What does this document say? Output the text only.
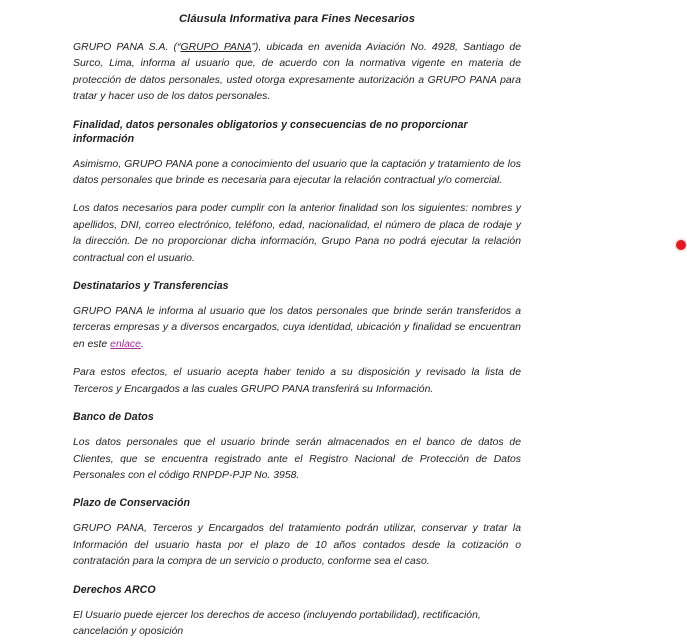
Cláusula Informativa para Fines Necesarios

GRUPO PANA S.A. (“GRUPO PANA”), ubicada en avenida Aviación No. 4928, Santiago de Surco, Lima, informa al usuario que, de acuerdo con la normativa vigente en materia de protección de datos personales, usted otorga expresamente autorización a GRUPO PANA para tratar y hacer uso de los datos personales.

Finalidad, datos personales obligatorios y consecuencias de no proporcionar información

Asimismo, GRUPO PANA pone a conocimiento del usuario que la captación y tratamiento de los datos personales que brinde es necesaria para ejecutar la relación contractual y/o comercial.

Los datos necesarios para poder cumplir con la anterior finalidad son los siguientes: nombres y apellidos, DNI, correo electrónico, teléfono, edad, nacionalidad, el número de placa de rodaje y la dirección. De no proporcionar dicha información, Grupo Pana no podrá ejecutar la relación contractual con el usuario.

Destinatarios y Transferencias

GRUPO PANA le informa al usuario que los datos personales que brinde serán transferidos a terceras empresas y a diversos encargados, cuya identidad, ubicación y finalidad se encuentran en este enlace.

Para estos efectos, el usuario acepta haber tenido a su disposición y revisado la lista de Terceros y Encargados a las cuales GRUPO PANA transferirá su Información.

Banco de Datos

Los datos personales que el usuario brinde serán almacenados en el banco de datos de Clientes, que se encuentra registrado ante el Registro Nacional de Protección de Datos Personales con el código RNPDP-PJP No. 3958.

Plazo de Conservación

GRUPO PANA, Terceros y Encargados del tratamiento podrán utilizar, conservar y tratar la Información del usuario hasta por el plazo de 10 años contados desde la cotización o contratación para la compra de un servicio o producto, conforme sea el caso.

Derechos ARCO

El Usuario puede ejercer los derechos de acceso (incluyendo portabilidad), rectificación, cancelación y oposición
